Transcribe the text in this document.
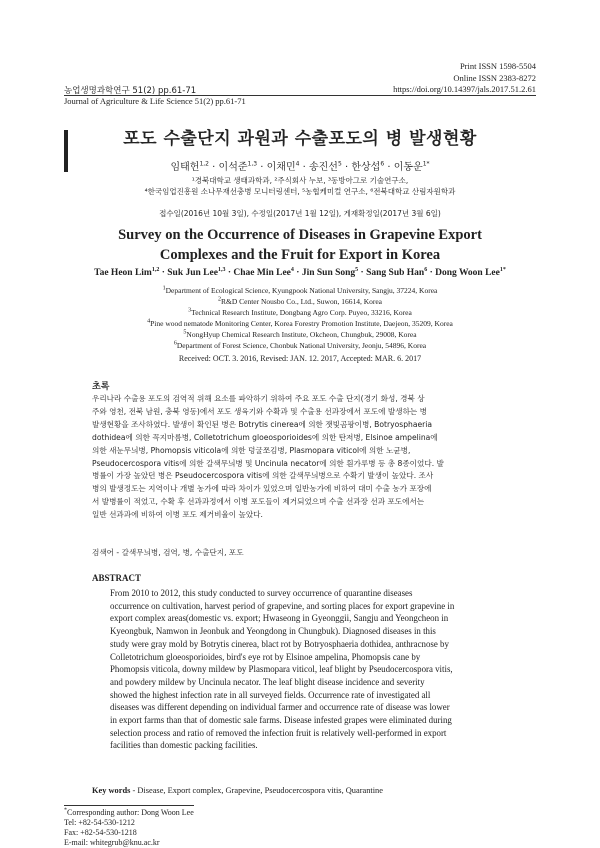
Print ISSN 1598-5504
Online ISSN 2383-8272
농업생명과학연구 51(2) pp.61-71	https://doi.org/10.14397/jals.2017.51.2.61
Journal of Agriculture & Life Science 51(2) pp.61-71
포도 수출단지 과원과 수출포도의 병 발생현황
임태헌$^{1,2}$ · 이석준$^{1,3}$ · 이채민$^4$ · 송진선$^5$ · 한상섭$^6$ · 이동운$^{1*}$
¹경북대학교 생태과학과, ²주식회사 누보, ³동방아그로 기술연구소,
⁴한국임업진흥원 소나무재선충병 모니터링센터, ⁵농협케미컬 연구소, ⁶전북대학교 산림자원학과
접수일(2016년 10월 3일), 수정일(2017년 1월 12일), 게재확정일(2017년 3월 6일)
Survey on the Occurrence of Diseases in Grapevine Export
Complexes and the Fruit for Export in Korea
Tae Heon Lim$^{1,2}$ · Suk Jun Lee$^{1,3}$ · Chae Min Lee$^4$ · Jin Sun Song$^5$ · Sang Sub Han$^6$ · Dong Woon Lee$^{1*}$
$^1$Department of Ecological Science, Kyungpook National University, Sangju, 37224, Korea
$^2$R&D Center Nousbo Co., Ltd., Suwon, 16614, Korea
$^3$Technical Research Institute, Dongbang Agro Corp. Puyeo, 33216, Korea
$^4$Pine wood nematode Monitoring Center, Korea Forestry Promotion Institute, Daejeon, 35209, Korea
$^5$NongHyup Chemical Research Institute, Okcheon, Chungbuk, 29008, Korea
$^6$Department of Forest Science, Chonbuk National University, Jeonju, 54896, Korea
Received: OCT. 3. 2016, Revised: JAN. 12. 2017, Accepted: MAR. 6. 2017
초록
우리나라 수출용 포도의 검역적 위해 요소를 파악하기 위하여 주요 포도 수출 단지(경기 화성, 경북 상
주와 영천, 전북 남원, 충북 영동)에서 포도 생육기와 수확과 및 수출용 선과장에서 포도에 발생하는 병
발생현황을 조사하였다. 발생이 확인된 병은 Botrytis cinerea에 의한 잿빛곰팡이병, Botryosphaeria
dothidea에 의한 꼭지마름병, Colletotrichum gloeosporioides에 의한 탄저병, Elsinoe ampelina에
의한 새눈무늬병, Phomopsis viticola에 의한 덩굴쪼김병, Plasmopara viticol에 의한 노균병,
Pseudocercospora vitis에 의한 갈색무늬병 및 Uncinula necator에 의한 흰가루병 등 총 8종이었다. 발
병률이 가장 높았던 병은 Pseudocercospora vitis에 의한 갈색무늬병으로 수확기 발생이 높았다. 조사
병의 발생정도는 지역이나 개별 농가에 따라 차이가 있었으며 일반농가에 비하여 대미 수출 농가 포장에
서 발병률이 적었고, 수확 후 선과과정에서 이병 포도들이 제거되었으며 수출 선과장 선과 포도에서는
일반 선과과에 비하여 이병 포도 제거비율이 높았다.
검색어 - 갈색무늬병, 검역, 병, 수출단지, 포도
ABSTRACT
From 2010 to 2012, this study conducted to survey occurrence of quarantine diseases
occurrence on cultivation, harvest period of grapevine, and sorting places for export grapevine in
export complex areas(domestic vs. export; Hwaseong in Gyeonggii, Sangju and Yeongcheon in
Kyeongbuk, Namwon in Jeonbuk and Yeongdong in Chungbuk). Diagnosed diseases in this
study were gray mold by Botrytis cinerea, blact rot by Botryosphaeria dothidea, anthracnose by
Colletotrichum gloeosporioides, bird's eye rot by Elsinoe ampelina, Phomopsis cane by
Phomopsis viticola, downy mildew by Plasmopara viticol, leaf blight by Pseudocercospora vitis,
and powdery mildew by Uncinula necator. The leaf blight disease incidence and severity
showed the highest infection rate in all surveyed fields. Occurrence rate of investigated all
diseases was different depending on individual farmer and occurrence rate of disease was lower
in export farms than that of domestic sale farms. Disease infested grapes were eliminated during
selection process and ratio of removed the infection fruit is relatively well-performed in export
facilities than domestic packing facilities.
Key words - Disease, Export complex, Grapevine, Pseudocercospora vitis, Quarantine
*Corresponding author: Dong Woon Lee
Tel: +82-54-530-1212
Fax: +82-54-530-1218
E-mail: whitegrub@knu.ac.kr
